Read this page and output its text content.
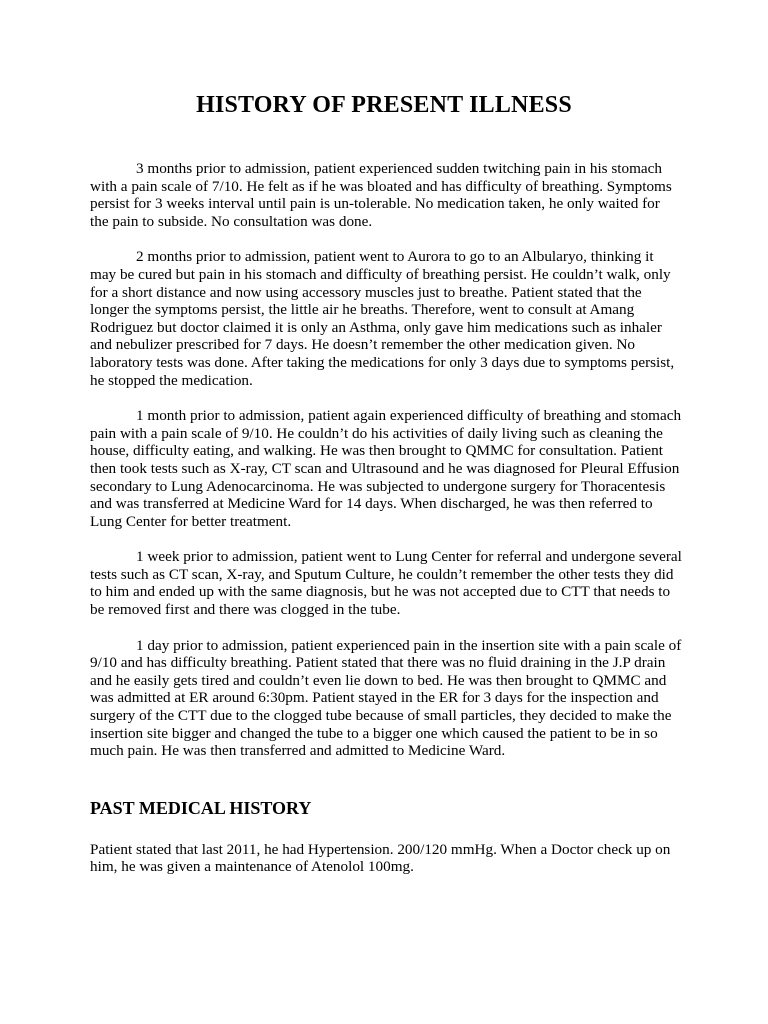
HISTORY OF PRESENT ILLNESS

3 months prior to admission, patient experienced sudden twitching pain in his stomach with a pain scale of 7/10. He felt as if he was bloated and has difficulty of breathing. Symptoms persist for 3 weeks interval until pain is un-tolerable. No medication taken, he only waited for the pain to subside. No consultation was done.

2 months prior to admission, patient went to Aurora to go to an Albularyo, thinking it may be cured but pain in his stomach and difficulty of breathing persist. He couldn’t walk, only for a short distance and now using accessory muscles just to breathe. Patient stated that the longer the symptoms persist, the little air he breaths. Therefore, went to consult at Amang Rodriguez but doctor claimed it is only an Asthma, only gave him medications such as inhaler and nebulizer prescribed for 7 days. He doesn’t remember the other medication given. No laboratory tests was done. After taking the medications for only 3 days due to symptoms persist, he stopped the medication.

1 month prior to admission, patient again experienced difficulty of breathing and stomach pain with a pain scale of 9/10. He couldn’t do his activities of daily living such as cleaning the house, difficulty eating, and walking. He was then brought to QMMC for consultation. Patient then took tests such as X-ray, CT scan and Ultrasound and he was diagnosed for Pleural Effusion secondary to Lung Adenocarcinoma. He was subjected to undergone surgery for Thoracentesis and was transferred at Medicine Ward for 14 days. When discharged, he was then referred to Lung Center for better treatment.

1 week prior to admission, patient went to Lung Center for referral and undergone several tests such as CT scan, X-ray, and Sputum Culture, he couldn’t remember the other tests they did to him and ended up with the same diagnosis, but he was not accepted due to CTT that needs to be removed first and there was clogged in the tube.

1 day prior to admission, patient experienced pain in the insertion site with a pain scale of 9/10 and has difficulty breathing. Patient stated that there was no fluid draining in the J.P drain and he easily gets tired and couldn’t even lie down to bed. He was then brought to QMMC and was admitted at ER around 6:30pm. Patient stayed in the ER for 3 days for the inspection and surgery of the CTT due to the clogged tube because of small particles, they decided to make the insertion site bigger and changed the tube to a bigger one which caused the patient to be in so much pain. He was then transferred and admitted to Medicine Ward.

PAST MEDICAL HISTORY

Patient stated that last 2011, he had Hypertension. 200/120 mmHg. When a Doctor check up on him, he was given a maintenance of Atenolol 100mg.
